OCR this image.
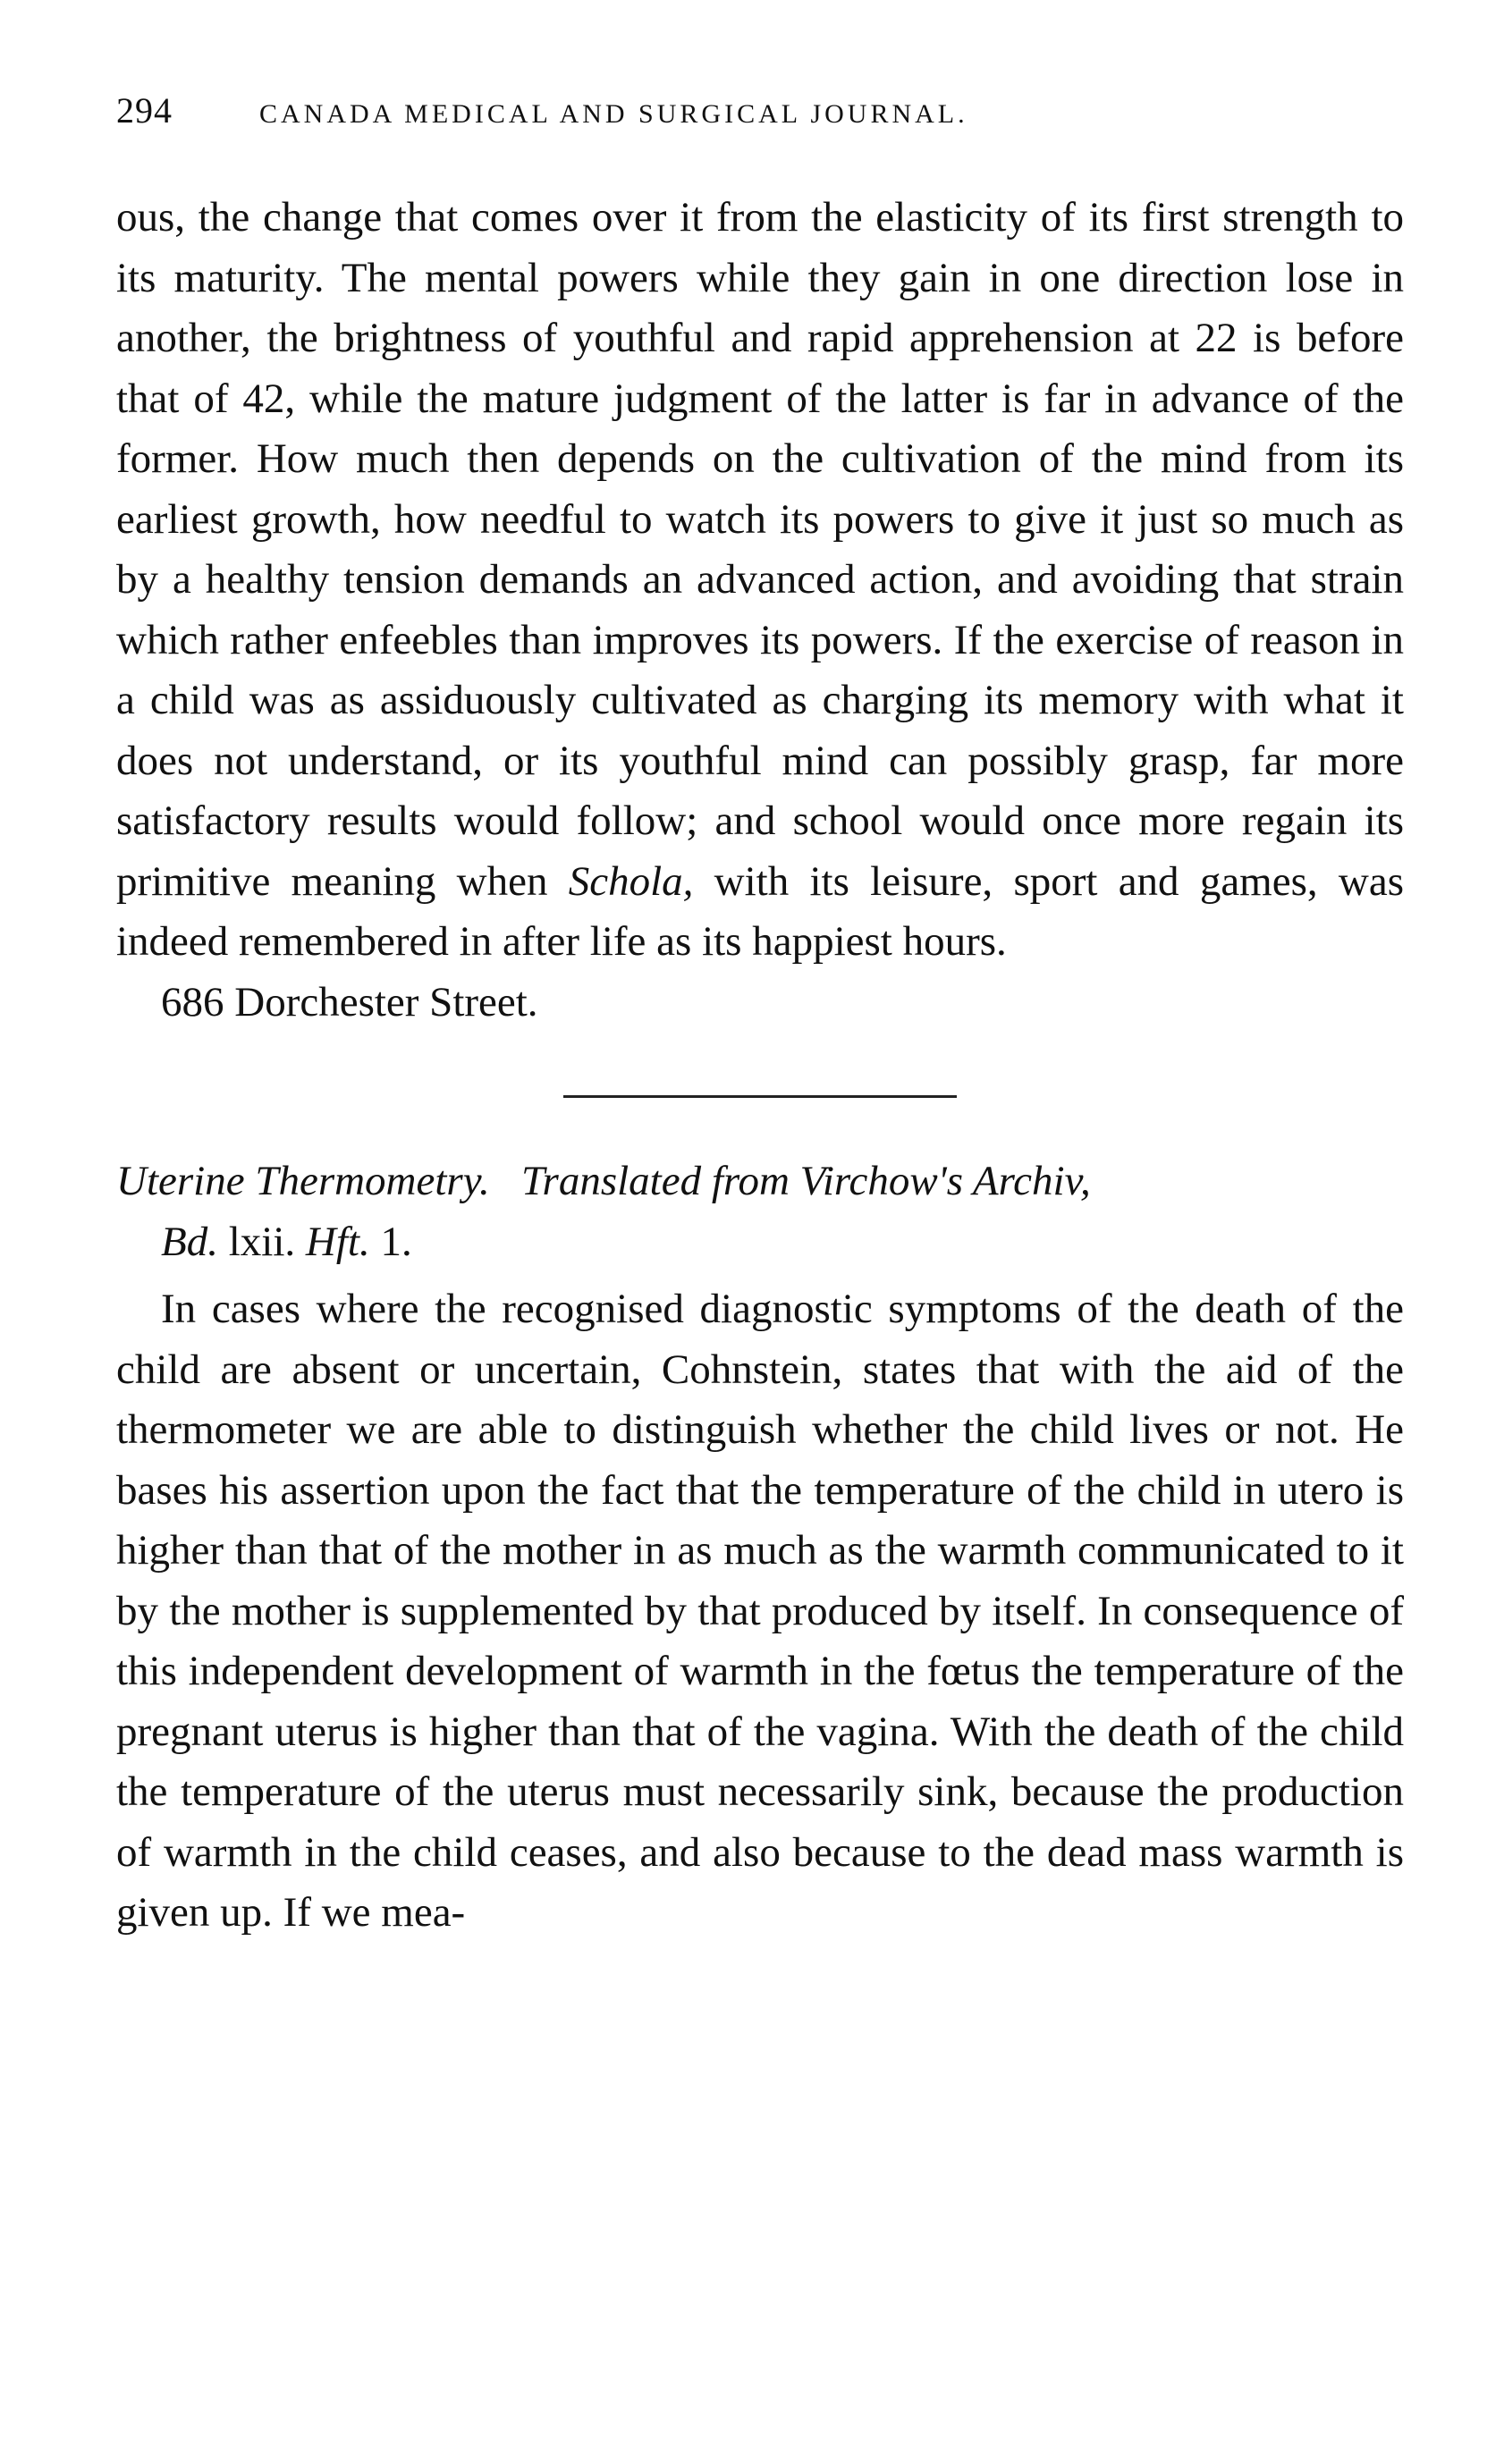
294	CANADA MEDICAL AND SURGICAL JOURNAL.

ous, the change that comes over it from the elasticity of its first strength to its maturity. The mental powers while they gain in one direction lose in another, the brightness of youthful and rapid apprehension at 22 is before that of 42, while the mature judgment of the latter is far in advance of the former. How much then depends on the cultivation of the mind from its earliest growth, how needful to watch its powers to give it just so much as by a healthy tension demands an advanced action, and avoiding that strain which rather enfeebles than improves its powers. If the exercise of reason in a child was as assiduously cultivated as charging its memory with what it does not understand, or its youthful mind can possibly grasp, far more satisfactory results would follow; and school would once more regain its primitive meaning when Schola, with its leisure, sport and games, was indeed remembered in after life as its happiest hours.

686 Dorchester Street.

Uterine Thermometry. Translated from Virchow's Archiv,
Bd. lxii. Hft. 1.

In cases where the recognised diagnostic symptoms of the death of the child are absent or uncertain, Cohnstein, states that with the aid of the thermometer we are able to distinguish whether the child lives or not. He bases his assertion upon the fact that the temperature of the child in utero is higher than that of the mother in as much as the warmth communicated to it by the mother is supplemented by that produced by itself. In consequence of this independent development of warmth in the fœtus the temperature of the pregnant uterus is higher than that of the vagina. With the death of the child the temperature of the uterus must necessarily sink, because the production of warmth in the child ceases, and also because to the dead mass warmth is given up. If we mea-
